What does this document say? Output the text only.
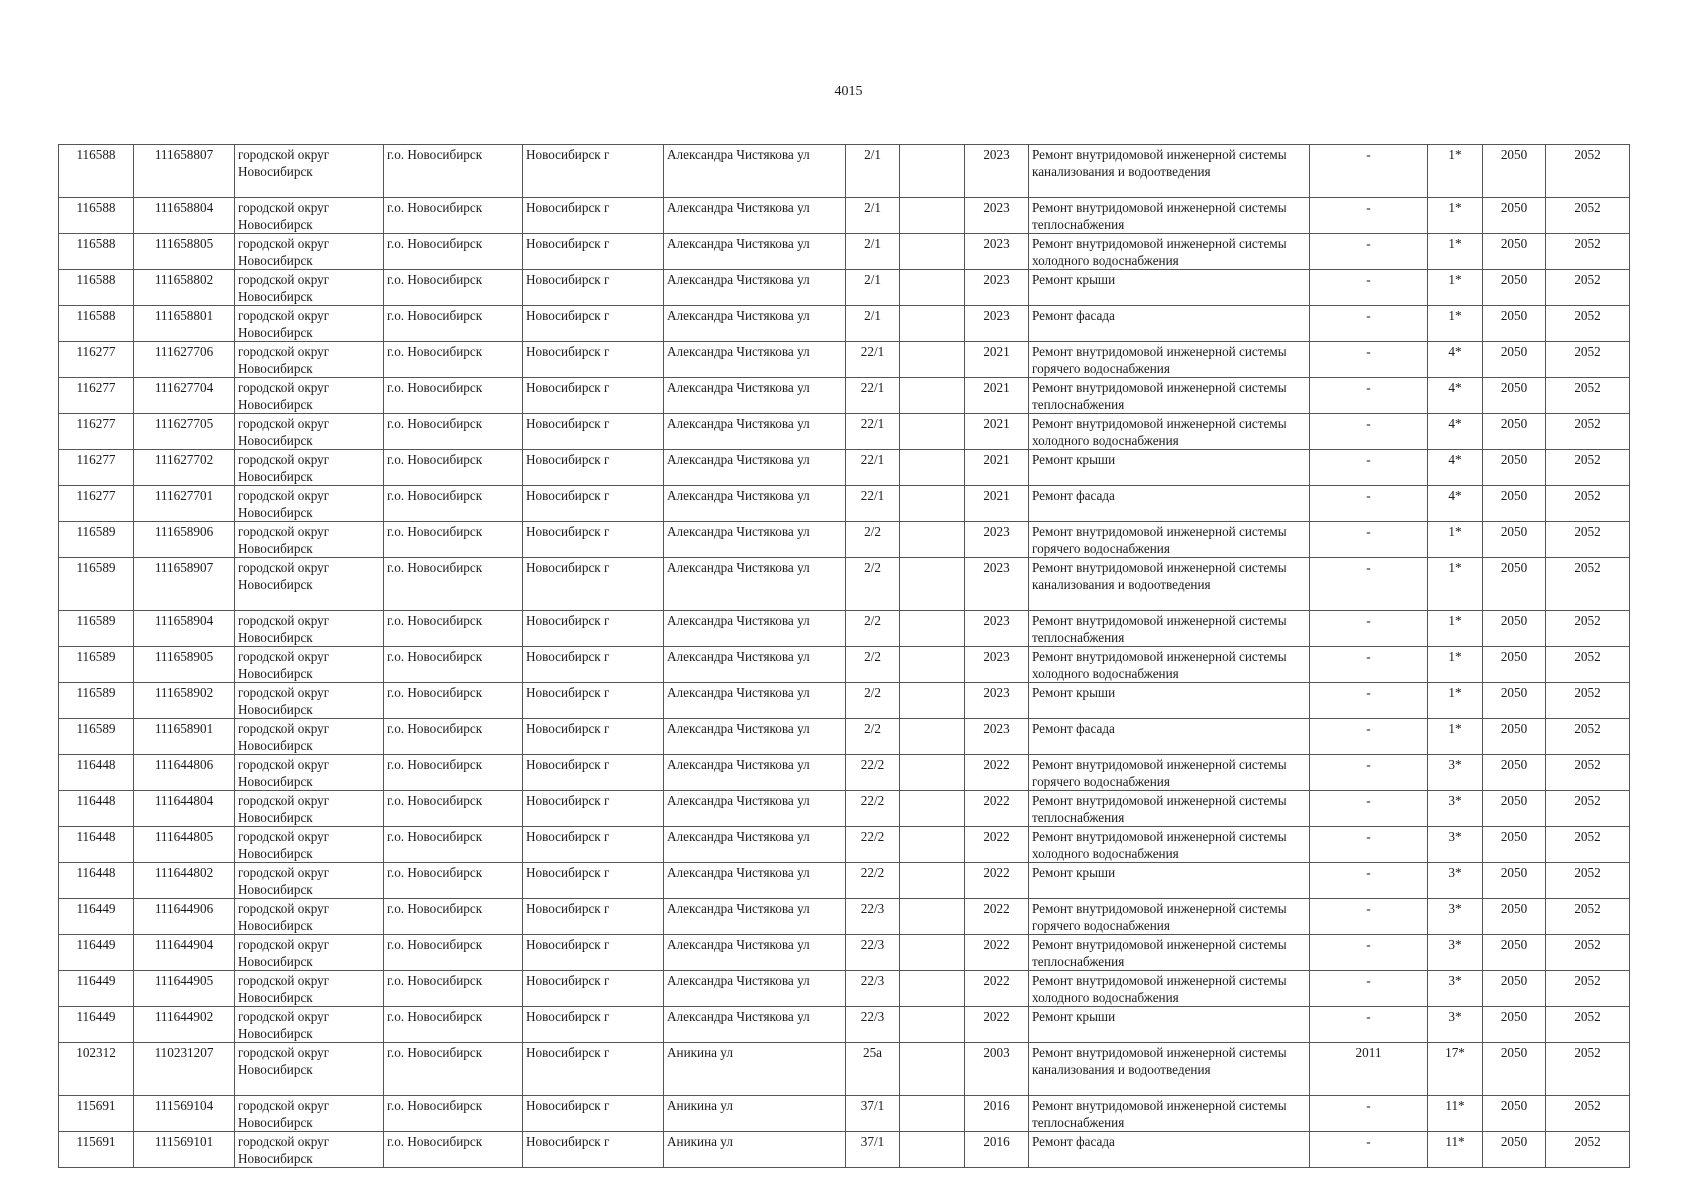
4015
116588	111658807	городской округ Новосибирск	г.о. Новосибирск	Новосибирск г	Александра Чистякова ул	2/1		2023	Ремонт внутридомовой инженерной системы канализования и водоотведения	-	1*	2050	2052
116588	111658804	городской округ Новосибирск	г.о. Новосибирск	Новосибирск г	Александра Чистякова ул	2/1		2023	Ремонт внутридомовой инженерной системы теплоснабжения	-	1*	2050	2052
116588	111658805	городской округ Новосибирск	г.о. Новосибирск	Новосибирск г	Александра Чистякова ул	2/1		2023	Ремонт внутридомовой инженерной системы холодного водоснабжения	-	1*	2050	2052
116588	111658802	городской округ Новосибирск	г.о. Новосибирск	Новосибирск г	Александра Чистякова ул	2/1		2023	Ремонт крыши	-	1*	2050	2052
116588	111658801	городской округ Новосибирск	г.о. Новосибирск	Новосибирск г	Александра Чистякова ул	2/1		2023	Ремонт фасада	-	1*	2050	2052
116277	111627706	городской округ Новосибирск	г.о. Новосибирск	Новосибирск г	Александра Чистякова ул	22/1		2021	Ремонт внутридомовой инженерной системы горячего водоснабжения	-	4*	2050	2052
116277	111627704	городской округ Новосибирск	г.о. Новосибирск	Новосибирск г	Александра Чистякова ул	22/1		2021	Ремонт внутридомовой инженерной системы теплоснабжения	-	4*	2050	2052
116277	111627705	городской округ Новосибирск	г.о. Новосибирск	Новосибирск г	Александра Чистякова ул	22/1		2021	Ремонт внутридомовой инженерной системы холодного водоснабжения	-	4*	2050	2052
116277	111627702	городской округ Новосибирск	г.о. Новосибирск	Новосибирск г	Александра Чистякова ул	22/1		2021	Ремонт крыши	-	4*	2050	2052
116277	111627701	городской округ Новосибирск	г.о. Новосибирск	Новосибирск г	Александра Чистякова ул	22/1		2021	Ремонт фасада	-	4*	2050	2052
116589	111658906	городской округ Новосибирск	г.о. Новосибирск	Новосибирск г	Александра Чистякова ул	2/2		2023	Ремонт внутридомовой инженерной системы горячего водоснабжения	-	1*	2050	2052
116589	111658907	городской округ Новосибирск	г.о. Новосибирск	Новосибирск г	Александра Чистякова ул	2/2		2023	Ремонт внутридомовой инженерной системы канализования и водоотведения	-	1*	2050	2052
116589	111658904	городской округ Новосибирск	г.о. Новосибирск	Новосибирск г	Александра Чистякова ул	2/2		2023	Ремонт внутридомовой инженерной системы теплоснабжения	-	1*	2050	2052
116589	111658905	городской округ Новосибирск	г.о. Новосибирск	Новосибирск г	Александра Чистякова ул	2/2		2023	Ремонт внутридомовой инженерной системы холодного водоснабжения	-	1*	2050	2052
116589	111658902	городской округ Новосибирск	г.о. Новосибирск	Новосибирск г	Александра Чистякова ул	2/2		2023	Ремонт крыши	-	1*	2050	2052
116589	111658901	городской округ Новосибирск	г.о. Новосибирск	Новосибирск г	Александра Чистякова ул	2/2		2023	Ремонт фасада	-	1*	2050	2052
116448	111644806	городской округ Новосибирск	г.о. Новосибирск	Новосибирск г	Александра Чистякова ул	22/2		2022	Ремонт внутридомовой инженерной системы горячего водоснабжения	-	3*	2050	2052
116448	111644804	городской округ Новосибирск	г.о. Новосибирск	Новосибирск г	Александра Чистякова ул	22/2		2022	Ремонт внутридомовой инженерной системы теплоснабжения	-	3*	2050	2052
116448	111644805	городской округ Новосибирск	г.о. Новосибирск	Новосибирск г	Александра Чистякова ул	22/2		2022	Ремонт внутридомовой инженерной системы холодного водоснабжения	-	3*	2050	2052
116448	111644802	городской округ Новосибирск	г.о. Новосибирск	Новосибирск г	Александра Чистякова ул	22/2		2022	Ремонт крыши	-	3*	2050	2052
116449	111644906	городской округ Новосибирск	г.о. Новосибирск	Новосибирск г	Александра Чистякова ул	22/3		2022	Ремонт внутридомовой инженерной системы горячего водоснабжения	-	3*	2050	2052
116449	111644904	городской округ Новосибирск	г.о. Новосибирск	Новосибирск г	Александра Чистякова ул	22/3		2022	Ремонт внутридомовой инженерной системы теплоснабжения	-	3*	2050	2052
116449	111644905	городской округ Новосибирск	г.о. Новосибирск	Новосибирск г	Александра Чистякова ул	22/3		2022	Ремонт внутридомовой инженерной системы холодного водоснабжения	-	3*	2050	2052
116449	111644902	городской округ Новосибирск	г.о. Новосибирск	Новосибирск г	Александра Чистякова ул	22/3		2022	Ремонт крыши	-	3*	2050	2052
102312	110231207	городской округ Новосибирск	г.о. Новосибирск	Новосибирск г	Аникина ул	25а		2003	Ремонт внутридомовой инженерной системы канализования и водоотведения	2011	17*	2050	2052
115691	111569104	городской округ Новосибирск	г.о. Новосибирск	Новосибирск г	Аникина ул	37/1		2016	Ремонт внутридомовой инженерной системы теплоснабжения	-	11*	2050	2052
115691	111569101	городской округ Новосибирск	г.о. Новосибирск	Новосибирск г	Аникина ул	37/1		2016	Ремонт фасада	-	11*	2050	2052
